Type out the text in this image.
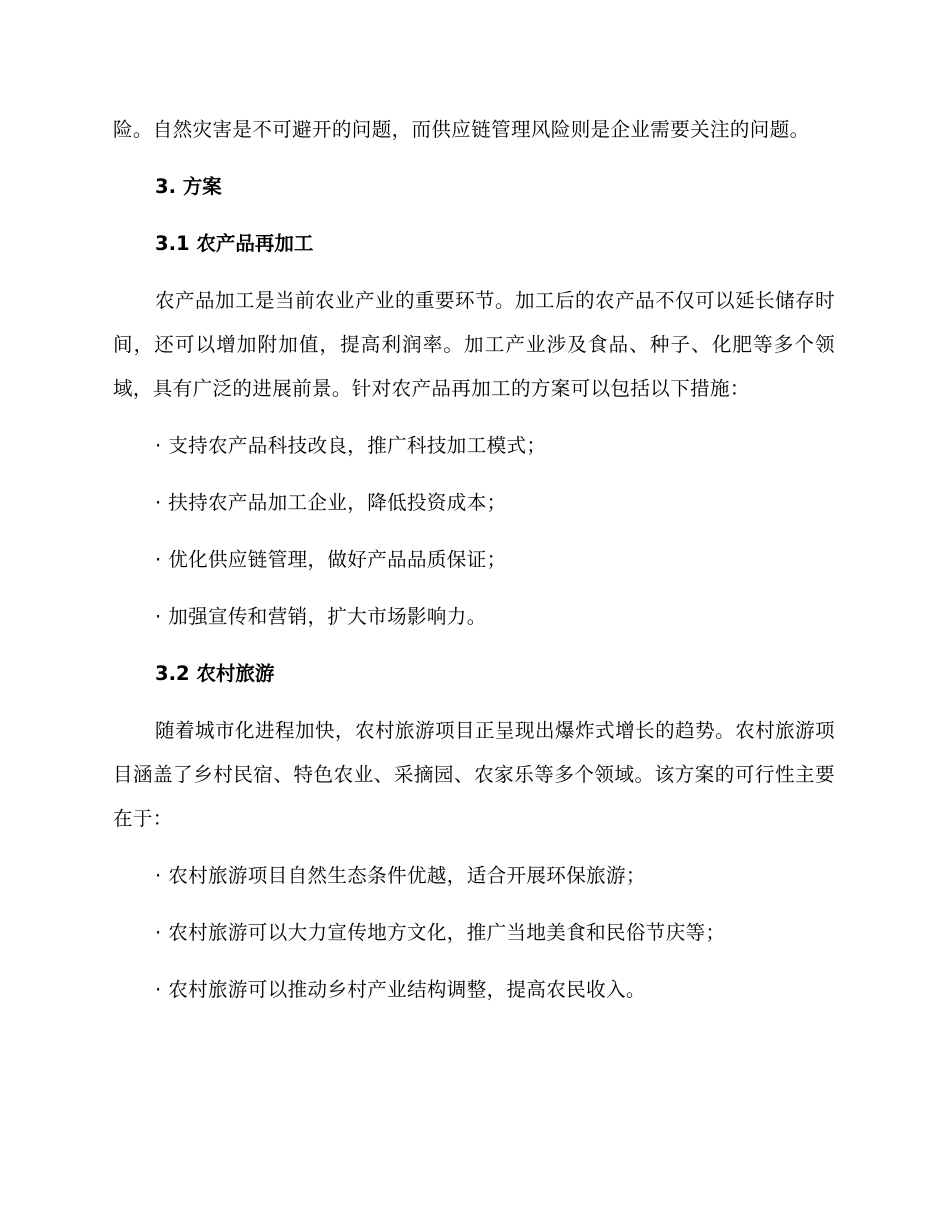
险。自然灾害是不可避开的问题，而供应链管理风险则是企业需要关注的问题。

3. 方案
3.1 农产品再加工

农产品加工是当前农业产业的重要环节。加工后的农产品不仅可以延长储存时间，还可以增加附加值，提高利润率。加工产业涉及食品、种子、化肥等多个领域，具有广泛的进展前景。针对农产品再加工的方案可以包括以下措施：

· 支持农产品科技改良，推广科技加工模式；
· 扶持农产品加工企业，降低投资成本；
· 优化供应链管理，做好产品品质保证；
· 加强宣传和营销，扩大市场影响力。
3.2 农村旅游

随着城市化进程加快，农村旅游项目正呈现出爆炸式增长的趋势。农村旅游项目涵盖了乡村民宿、特色农业、采摘园、农家乐等多个领域。该方案的可行性主要在于：

· 农村旅游项目自然生态条件优越，适合开展环保旅游；
· 农村旅游可以大力宣传地方文化，推广当地美食和民俗节庆等；
· 农村旅游可以推动乡村产业结构调整，提高农民收入。
